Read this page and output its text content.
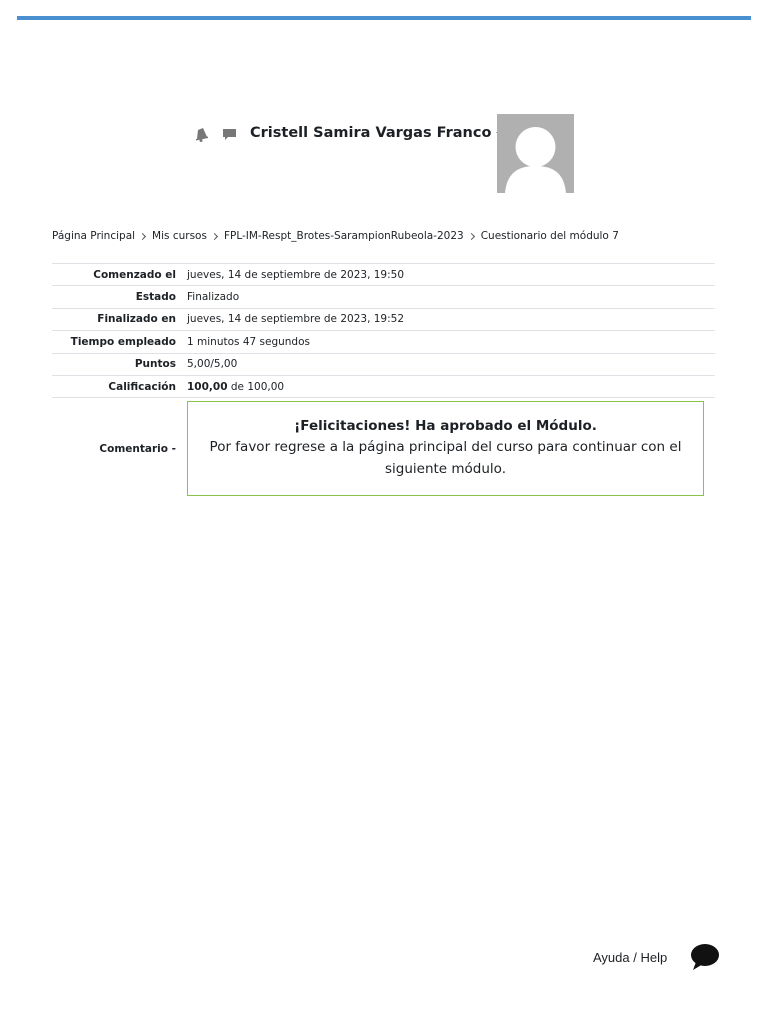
Cristell Samira Vargas Franco
Página Principal Mis cursos FPL-IM-Respt_Brotes-SarampionRubeola-2023 Cuestionario del módulo 7
Comenzado el	jueves, 14 de septiembre de 2023, 19:50
Estado	Finalizado
Finalizado en	jueves, 14 de septiembre de 2023, 19:52
Tiempo empleado	1 minutos 47 segundos
Puntos	5,00/5,00
Calificación	100,00 de 100,00
Comentario -	¡Felicitaciones! Ha aprobado el Módulo.
Por favor regrese a la página principal del curso para continuar con el siguiente módulo.
Ayuda / Help
